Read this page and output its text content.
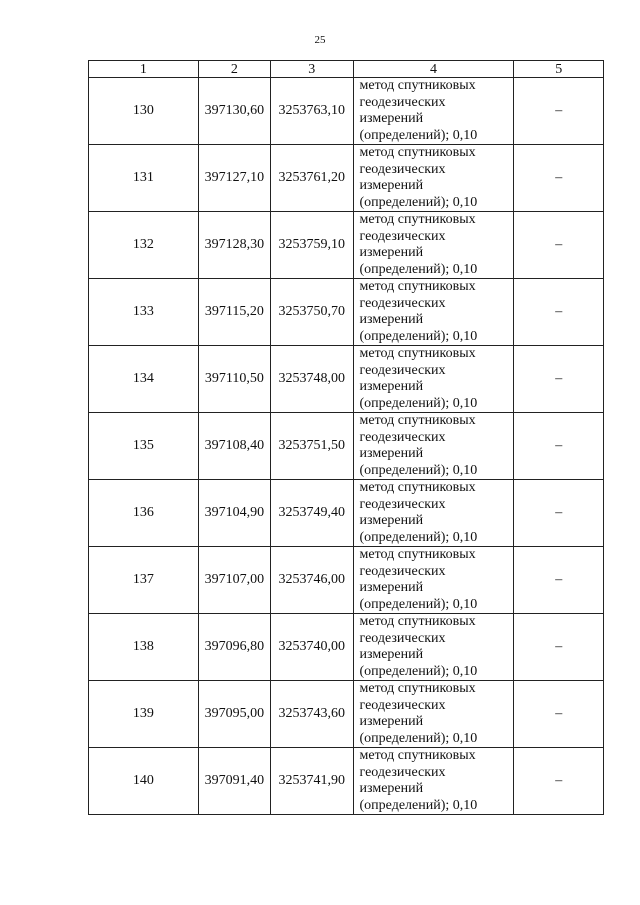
25
1	2	3	4	5
130	397130,60	3253763,10	метод спутниковых
геодезических
измерений
(определений); 0,10	–
131	397127,10	3253761,20	метод спутниковых
геодезических
измерений
(определений); 0,10	–
132	397128,30	3253759,10	метод спутниковых
геодезических
измерений
(определений); 0,10	–
133	397115,20	3253750,70	метод спутниковых
геодезических
измерений
(определений); 0,10	–
134	397110,50	3253748,00	метод спутниковых
геодезических
измерений
(определений); 0,10	–
135	397108,40	3253751,50	метод спутниковых
геодезических
измерений
(определений); 0,10	–
136	397104,90	3253749,40	метод спутниковых
геодезических
измерений
(определений); 0,10	–
137	397107,00	3253746,00	метод спутниковых
геодезических
измерений
(определений); 0,10	–
138	397096,80	3253740,00	метод спутниковых
геодезических
измерений
(определений); 0,10	–
139	397095,00	3253743,60	метод спутниковых
геодезических
измерений
(определений); 0,10	–
140	397091,40	3253741,90	метод спутниковых
геодезических
измерений
(определений); 0,10	–
